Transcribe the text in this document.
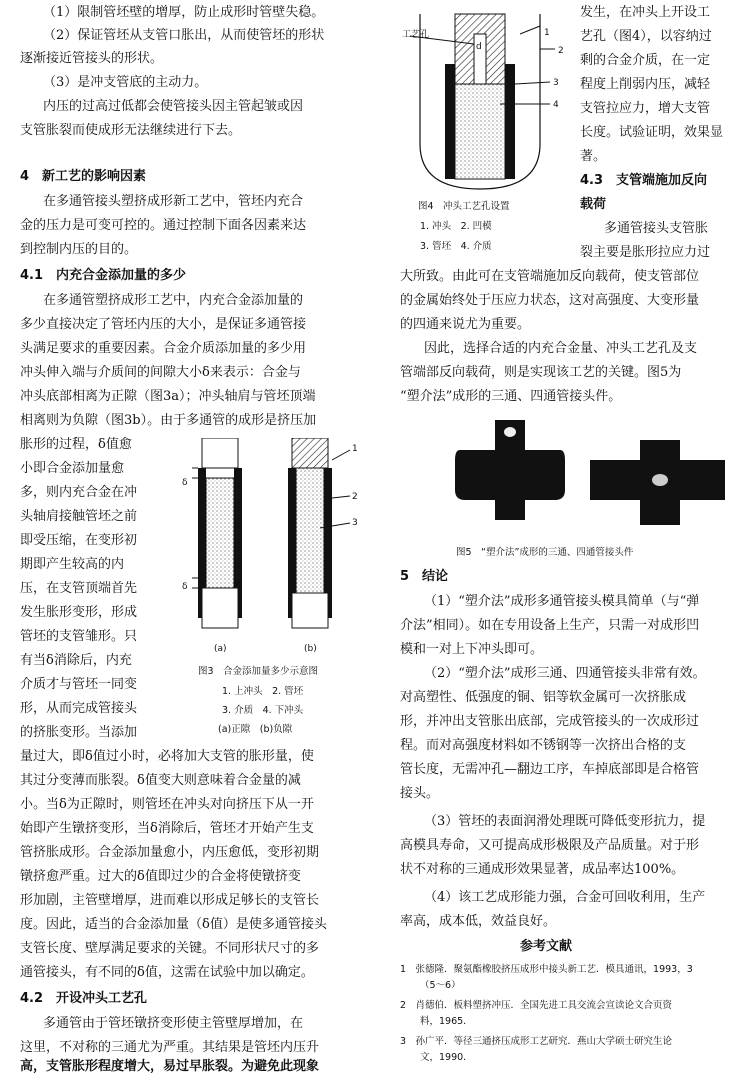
（1）限制管坯壁的增厚，防止成形时管壁失稳。
（2）保证管坯从支管口胀出，从而使管坯的形状
逐渐接近管接头的形状。
（3）是冲支管底的主动力。
内压的过高过低都会使管接头因主管起皱或因
支管胀裂而使成形无法继续进行下去。
4　新工艺的影响因素
在多通管接头塑挤成形新工艺中，管坯内充合
金的压力是可变可控的。通过控制下面各因素来达
到控制内压的目的。
4.1　内充合金添加量的多少
在多通管塑挤成形工艺中，内充合金添加量的
多少直接决定了管坯内压的大小，是保证多通管接
头满足要求的重要因素。合金介质添加量的多少用
冲头伸入端与介质间的间隙大小δ来表示：合金与
冲头底部相离为正隙（图3a）；冲头轴肩与管坯顶端
相离则为负隙（图3b）。由于多通管的成形是挤压加
胀形的过程，δ值愈
小即合金添加量愈
多，则内充合金在冲
头轴肩接触管坯之前
即受压缩，在变形初
期即产生较高的内
压，在支管顶端首先
发生胀形变形，形成
管坯的支管雏形。只
有当δ消除后，内充
介质才与管坯一同变
形，从而完成管接头
的挤胀变形。当添加
δ
δ
1
2
3
(a)	(b)
图3　合金添加量多少示意图
1. 上冲头　2. 管坯
3. 介质　4. 下冲头
(a)正隙　(b)负隙
量过大，即δ值过小时，必将加大支管的胀形量，使
其过分变薄而胀裂。δ值变大则意味着合金量的减
小。当δ为正隙时，则管坯在冲头对向挤压下从一开
始即产生镦挤变形，当δ消除后，管坯才开始产生支
管挤胀成形。合金添加量愈小，内压愈低，变形初期
镦挤愈严重。过大的δ值即过少的合金将使镦挤变
形加剧，主管壁增厚，进而难以形成足够长的支管长
度。因此，适当的合金添加量（δ值）是使多通管接头
支管长度、壁厚满足要求的关键。不同形状尺寸的多
通管接头，有不同的δ值，这需在试验中加以确定。
4.2　开设冲头工艺孔
多通管由于管坯镦挤变形使主管壁厚增加，在
这里，不对称的三通尤为严重。其结果是管坯内压升
高，支管胀形程度增大，易过早胀裂。为避免此现象
工艺孔
d
1
2
3
4
图4　冲头工艺孔设置
1. 冲头　2. 凹模
3. 管坯　4. 介质
发生，在冲头上开设工
艺孔（图4），以容纳过
剩的合金介质，在一定
程度上削弱内压，减轻
支管拉应力，增大支管
长度。试验证明，效果显
著。
4.3　支管端施加反向
载荷
多通管接头支管胀
裂主要是胀形拉应力过
大所致。由此可在支管端施加反向载荷，使支管部位
的金属始终处于压应力状态，这对高强度、大变形量
的四通来说尤为重要。
因此，选择合适的内充合金量、冲头工艺孔及支
管端部反向载荷，则是实现该工艺的关键。图5为
“塑介法”成形的三通、四通管接头件。
图5　“塑介法”成形的三通、四通管接头件
5　结论
（1）“塑介法”成形多通管接头模具简单（与“弹
介法”相同）。如在专用设备上生产，只需一对成形凹
模和一对上下冲头即可。
（2）“塑介法”成形三通、四通管接头非常有效。
对高塑性、低强度的铜、铝等软金属可一次挤胀成
形，并冲出支管胀出底部，完成管接头的一次成形过
程。而对高强度材料如不锈钢等一次挤出合格的支
管长度，无需冲孔—翻边工序，车掉底部即是合格管
接头。
（3）管坯的表面润滑处理既可降低变形抗力，提
高模具寿命，又可提高成形极限及产品质量。对于形
状不对称的三通成形效果显著，成品率达100%。
（4）该工艺成形能力强，合金可回收利用，生产
率高，成本低，效益良好。
参考文献
1　张德隆．聚氨酯橡胶挤压成形中接头新工艺．模具通讯，1993，3
（5～6）
2　肖德伯．板料塑挤冲压．全国先进工具交流会宣读论文合页资
料，1965．
3　孙广平．等径三通挤压成形工艺研究．燕山大学硕士研究生论
文，1990．
